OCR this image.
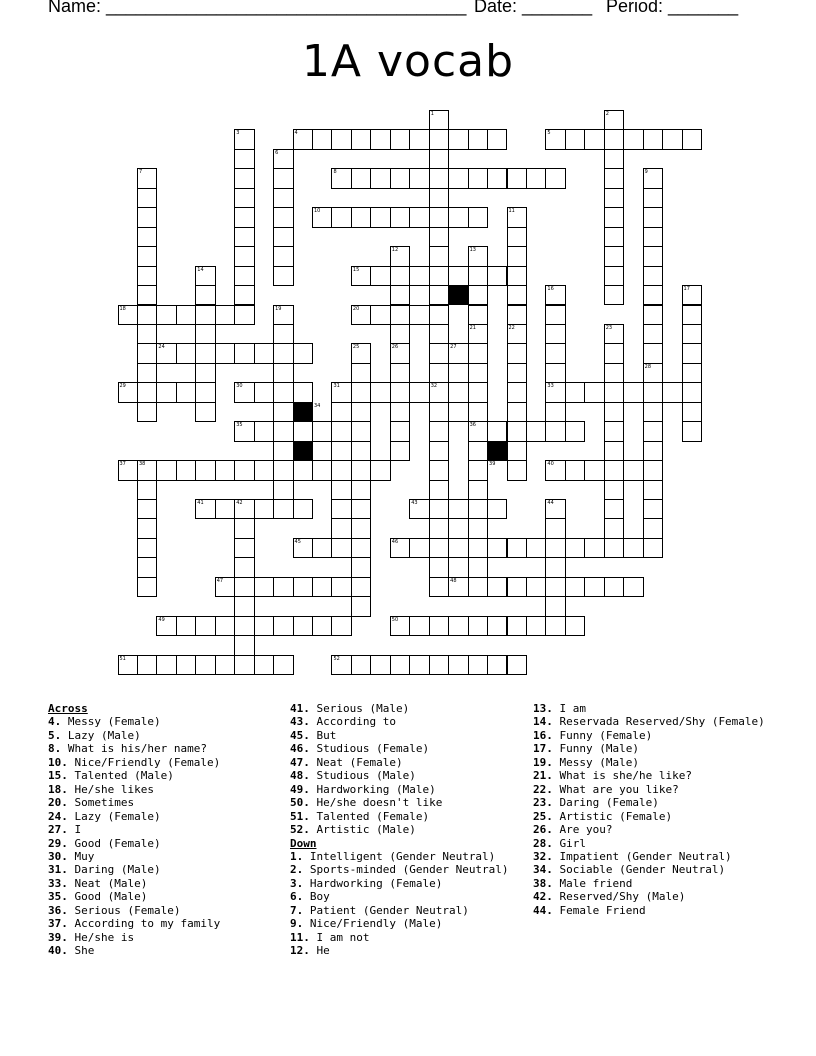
Name: ____________________________________ Date: _______ Period: _______
1A vocab
1	2
3	4	5
6
7	8	9
10	11
12	13
14	15
16	17
18	19	20
21	22	23
24	25	26	27
28
29	30	31	32	33
34
35	36
37	38	39	40
41	42	43	44
45	46
47	48
49	50
51	52
Across
4. Messy (Female)
5. Lazy (Male)
8. What is his/her name?
10. Nice/Friendly (Female)
15. Talented (Male)
18. He/she likes
20. Sometimes
24. Lazy (Female)
27. I
29. Good (Female)
30. Muy
31. Daring (Male)
33. Neat (Male)
35. Good (Male)
36. Serious (Female)
37. According to my family
39. He/she is
40. She
41. Serious (Male)
43. According to
45. But
46. Studious (Female)
47. Neat (Female)
48. Studious (Male)
49. Hardworking (Male)
50. He/she doesn't like
51. Talented (Female)
52. Artistic (Male)
Down
1. Intelligent (Gender Neutral)
2. Sports-minded (Gender Neutral)
3. Hardworking (Female)
6. Boy
7. Patient (Gender Neutral)
9. Nice/Friendly (Male)
11. I am not
12. He
13. I am
14. Reservada Reserved/Shy (Female)
16. Funny (Female)
17. Funny (Male)
19. Messy (Male)
21. What is she/he like?
22. What are you like?
23. Daring (Female)
25. Artistic (Female)
26. Are you?
28. Girl
32. Impatient (Gender Neutral)
34. Sociable (Gender Neutral)
38. Male friend
42. Reserved/Shy (Male)
44. Female Friend
